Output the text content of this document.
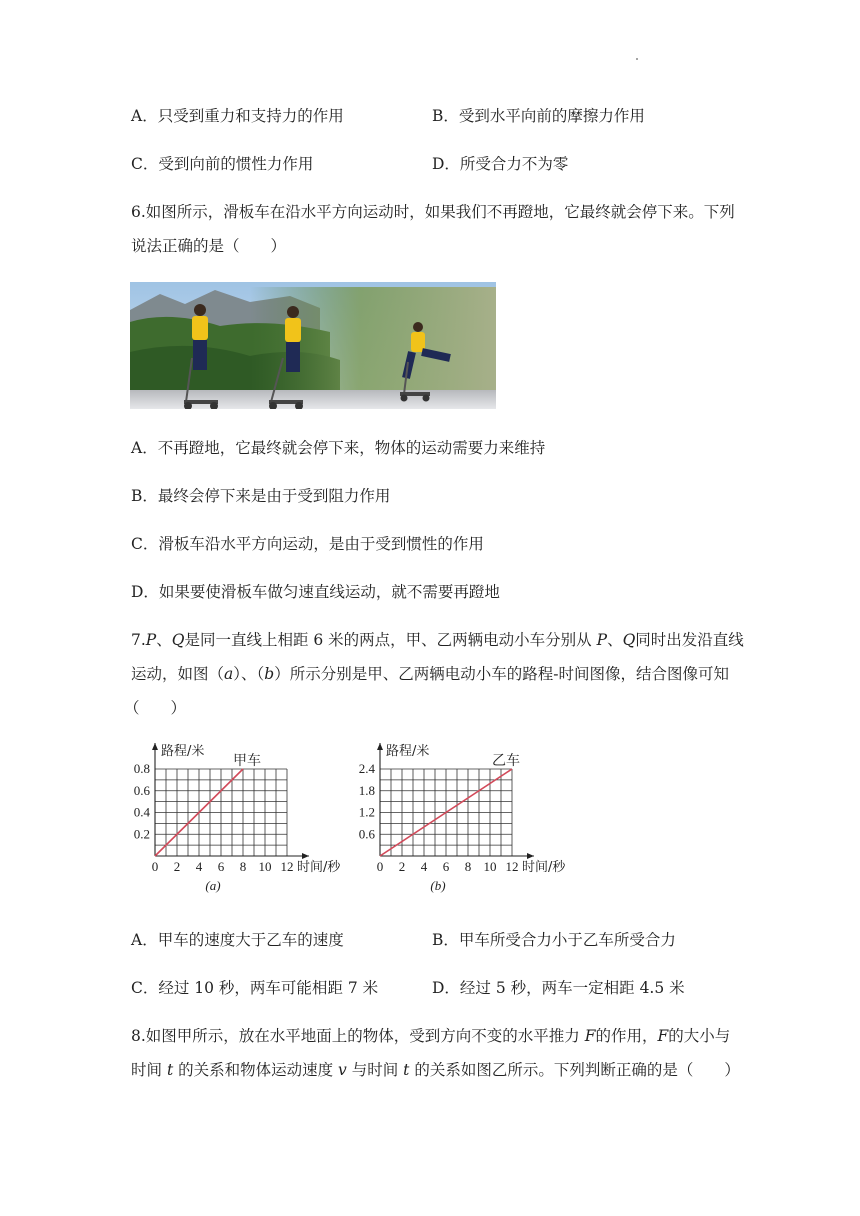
A．只受到重力和支持力的作用	B．受到水平向前的摩擦力作用
C．受到向前的惯性力作用	D．所受合力不为零
6.如图所示，滑板车在沿水平方向运动时，如果我们不再蹬地，它最终就会停下来。下列
说法正确的是（　　）
A．不再蹬地，它最终就会停下来，物体的运动需要力来维持
B．最终会停下来是由于受到阻力作用
C．滑板车沿水平方向运动，是由于受到惯性的作用
D．如果要使滑板车做匀速直线运动，就不需要再蹬地
7.P、Q是同一直线上相距 6 米的两点，甲、乙两辆电动小车分别从 P、Q同时出发沿直线
运动，如图（a）、（b）所示分别是甲、乙两辆电动小车的路程-时间图像，结合图像可知
（　　）
0 2 4 6 8 10 12
0.2
0.4
0.6
0.8
路程/米
时间/秒
甲车
(a)
0 2 4 6 8 10 12
0.6
1.2
1.8
2.4
路程/米
时间/秒
乙车
(b)
A．甲车的速度大于乙车的速度	B．甲车所受合力小于乙车所受合力
C．经过 10 秒，两车可能相距 7 米	D．经过 5 秒，两车一定相距 4.5 米
8.如图甲所示，放在水平地面上的物体，受到方向不变的水平推力 F的作用，F的大小与
时间 t 的关系和物体运动速度 v 与时间 t 的关系如图乙所示。下列判断正确的是（　　）
